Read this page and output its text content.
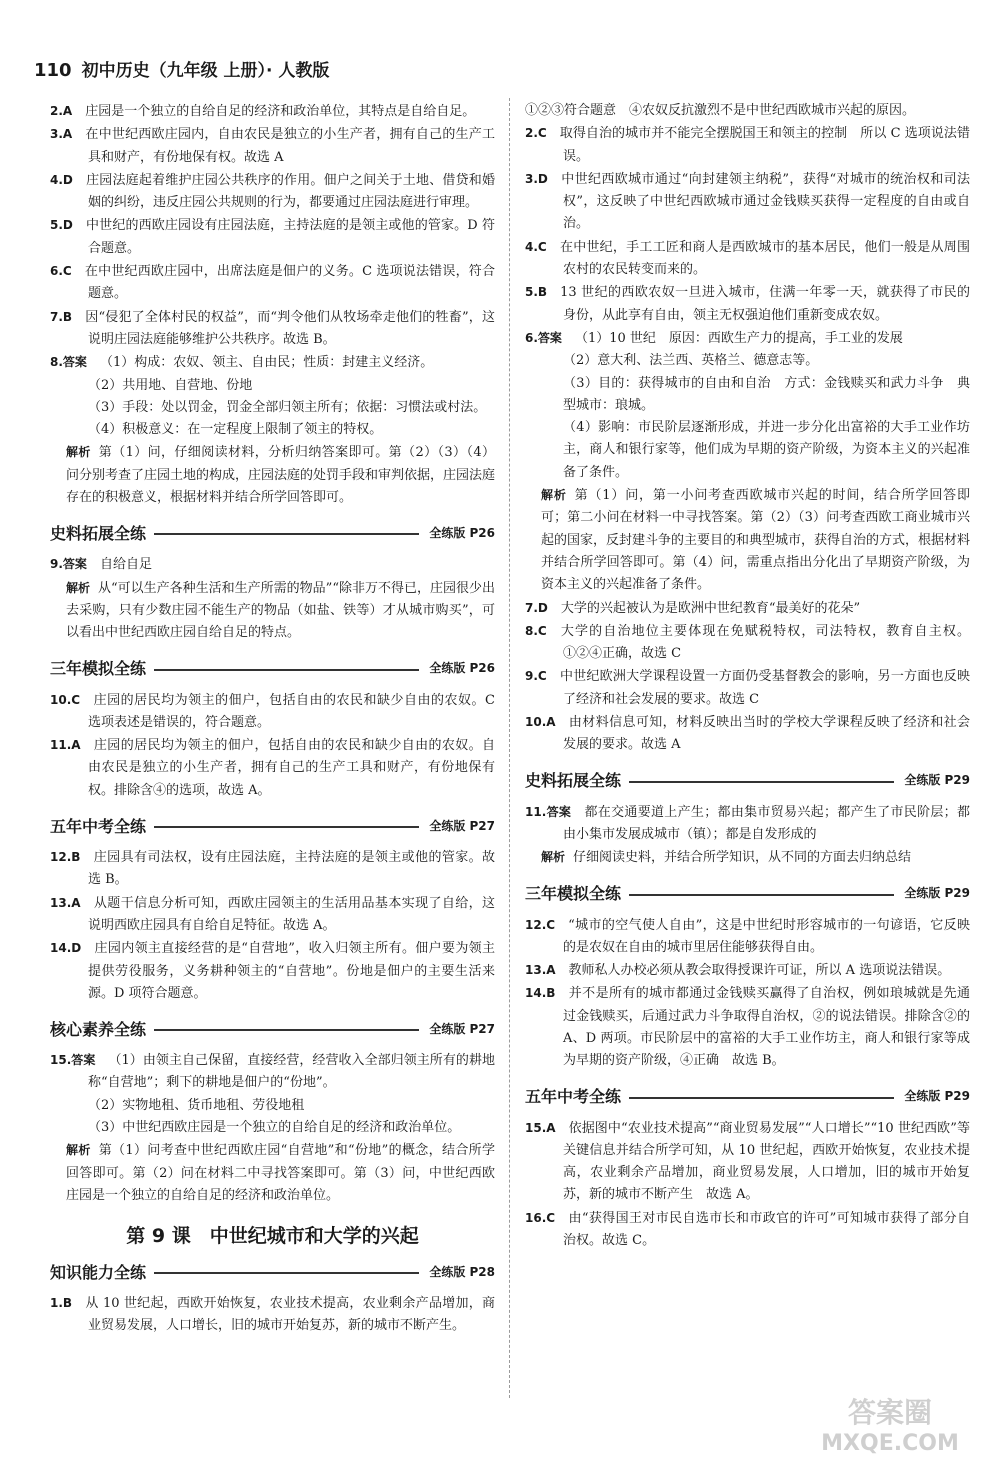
110 初中历史（九年级 上册）· 人教版
2.A  庄园是一个独立的自给自足的经济和政治单位，其特点是自给自足。
3.A  在中世纪西欧庄园内，自由农民是独立的小生产者，拥有自己的生产工具和财产，有份地保有权。故选 A
4.D  庄园法庭起着维护庄园公共秩序的作用。佃户之间关于土地、借贷和婚姻的纠纷，违反庄园公共规则的行为，都要通过庄园法庭进行审理。
5.D  中世纪的西欧庄园设有庄园法庭，主持法庭的是领主或他的管家。D 符合题意。
6.C  在中世纪西欧庄园中，出席法庭是佃户的义务。C 选项说法错误，符合题意。
7.B  因“侵犯了全体村民的权益”，而“判令他们从牧场牵走他们的牲畜”，这说明庄园法庭能够维护公共秩序。故选 B。
8.答案  （1）构成：农奴、领主、自由民；性质：封建主义经济。
（2）共用地、自营地、份地
（3）手段：处以罚金，罚金全部归领主所有；依据：习惯法或村法。
（4）积极意义：在一定程度上限制了领主的特权。
解析 第（1）问，仔细阅读材料，分析归纳答案即可。第（2）（3）（4）问分别考查了庄园土地的构成，庄园法庭的处罚手段和审判依据，庄园法庭存在的积极意义，根据材料并结合所学回答即可。
史料拓展全练	全练版 P26
9.答案  自给自足
解析 从“可以生产各种生活和生产所需的物品”“除非万不得已，庄园很少出去采购，只有少数庄园不能生产的物品（如盐、铁等）才从城市购买”，可以看出中世纪西欧庄园自给自足的特点。
三年模拟全练	全练版 P26
10.C  庄园的居民均为领主的佃户，包括自由的农民和缺少自由的农奴。C 选项表述是错误的，符合题意。
11.A  庄园的居民均为领主的佃户，包括自由的农民和缺少自由的农奴。自由农民是独立的小生产者，拥有自己的生产工具和财产，有份地保有权。排除含④的选项，故选 A。
五年中考全练	全练版 P27
12.B  庄园具有司法权，设有庄园法庭，主持法庭的是领主或他的管家。故选 B。
13.A  从题干信息分析可知，西欧庄园领主的生活用品基本实现了自给，这说明西欧庄园具有自给自足特征。故选 A。
14.D  庄园内领主直接经营的是“自营地”，收入归领主所有。佃户要为领主提供劳役服务，义务耕种领主的“自营地”。份地是佃户的主要生活来源。D 项符合题意。
核心素养全练	全练版 P27
15.答案  （1）由领主自己保留，直接经营，经营收入全部归领主所有的耕地称“自营地”；剩下的耕地是佃户的“份地”。
（2）实物地租、货币地租、劳役地租
（3）中世纪西欧庄园是一个独立的自给自足的经济和政治单位。
解析 第（1）问考查中世纪西欧庄园“自营地”和“份地”的概念，结合所学回答即可。第（2）问在材料二中寻找答案即可。第（3）问，中世纪西欧庄园是一个独立的自给自足的经济和政治单位。
第 9 课　中世纪城市和大学的兴起
知识能力全练	全练版 P28
1.B  从 10 世纪起，西欧开始恢复，农业技术提高，农业剩余产品增加，商业贸易发展，人口增长，旧的城市开始复苏，新的城市不断产生。
①②③符合题意　④农奴反抗激烈不是中世纪西欧城市兴起的原因。
2.C  取得自治的城市并不能完全摆脱国王和领主的控制　所以 C 选项说法错误。
3.D  中世纪西欧城市通过“向封建领主纳税”，获得“对城市的统治权和司法权”，这反映了中世纪西欧城市通过金钱赎买获得一定程度的自由或自治。
4.C  在中世纪，手工工匠和商人是西欧城市的基本居民，他们一般是从周围农村的农民转变而来的。
5.B  13 世纪的西欧农奴一旦进入城市，住满一年零一天，就获得了市民的身份，从此享有自由，领主无权强迫他们重新变成农奴。
6.答案  （1）10 世纪　原因：西欧生产力的提高，手工业的发展
（2）意大利、法兰西、英格兰、德意志等。
（3）目的：获得城市的自由和自治　方式：金钱赎买和武力斗争　典型城市：琅城。
（4）影响：市民阶层逐渐形成，并进一步分化出富裕的大手工业作坊主，商人和银行家等，他们成为早期的资产阶级，为资本主义的兴起准备了条件。
解析 第（1）问，第一小问考查西欧城市兴起的时间，结合所学回答即可；第二小问在材料一中寻找答案。第（2）（3）问考查西欧工商业城市兴起的国家，反封建斗争的主要目的和典型城市，获得自治的方式，根据材料并结合所学回答即可。第（4）问，需重点指出分化出了早期资产阶级，为资本主义的兴起准备了条件。
7.D  大学的兴起被认为是欧洲中世纪教育“最美好的花朵”
8.C  大学的自治地位主要体现在免赋税特权，司法特权，教育自主权。①②④正确，故选 C
9.C  中世纪欧洲大学课程设置一方面仍受基督教会的影响，另一方面也反映了经济和社会发展的要求。故选 C
10.A  由材料信息可知，材料反映出当时的学校大学课程反映了经济和社会发展的要求。故选 A
史料拓展全练	全练版 P29
11.答案  都在交通要道上产生；都由集市贸易兴起；都产生了市民阶层；都由小集市发展成城市（镇）；都是自发形成的
解析 仔细阅读史料，并结合所学知识，从不同的方面去归纳总结
三年模拟全练	全练版 P29
12.C  “城市的空气使人自由”，这是中世纪时形容城市的一句谚语，它反映的是农奴在自由的城市里居住能够获得自由。
13.A  教师私人办校必须从教会取得授课许可证，所以 A 选项说法错误。
14.B  并不是所有的城市都通过金钱赎买赢得了自治权，例如琅城就是先通过金钱赎买，后通过武力斗争取得自治权，②的说法错误。排除含②的 A、D 两项。市民阶层中的富裕的大手工业作坊主，商人和银行家等成为早期的资产阶级，④正确　故选 B。
五年中考全练	全练版 P29
15.A  依据图中“农业技术提高”“商业贸易发展”“人口增长”“10 世纪西欧”等关键信息并结合所学可知，从 10 世纪起，西欧开始恢复，农业技术提高，农业剩余产品增加，商业贸易发展，人口增加，旧的城市开始复苏，新的城市不断产生　故选 A。
16.C  由“获得国王对市民自选市长和市政官的许可”可知城市获得了部分自治权。故选 C。
答案圈
MXQE.COM
